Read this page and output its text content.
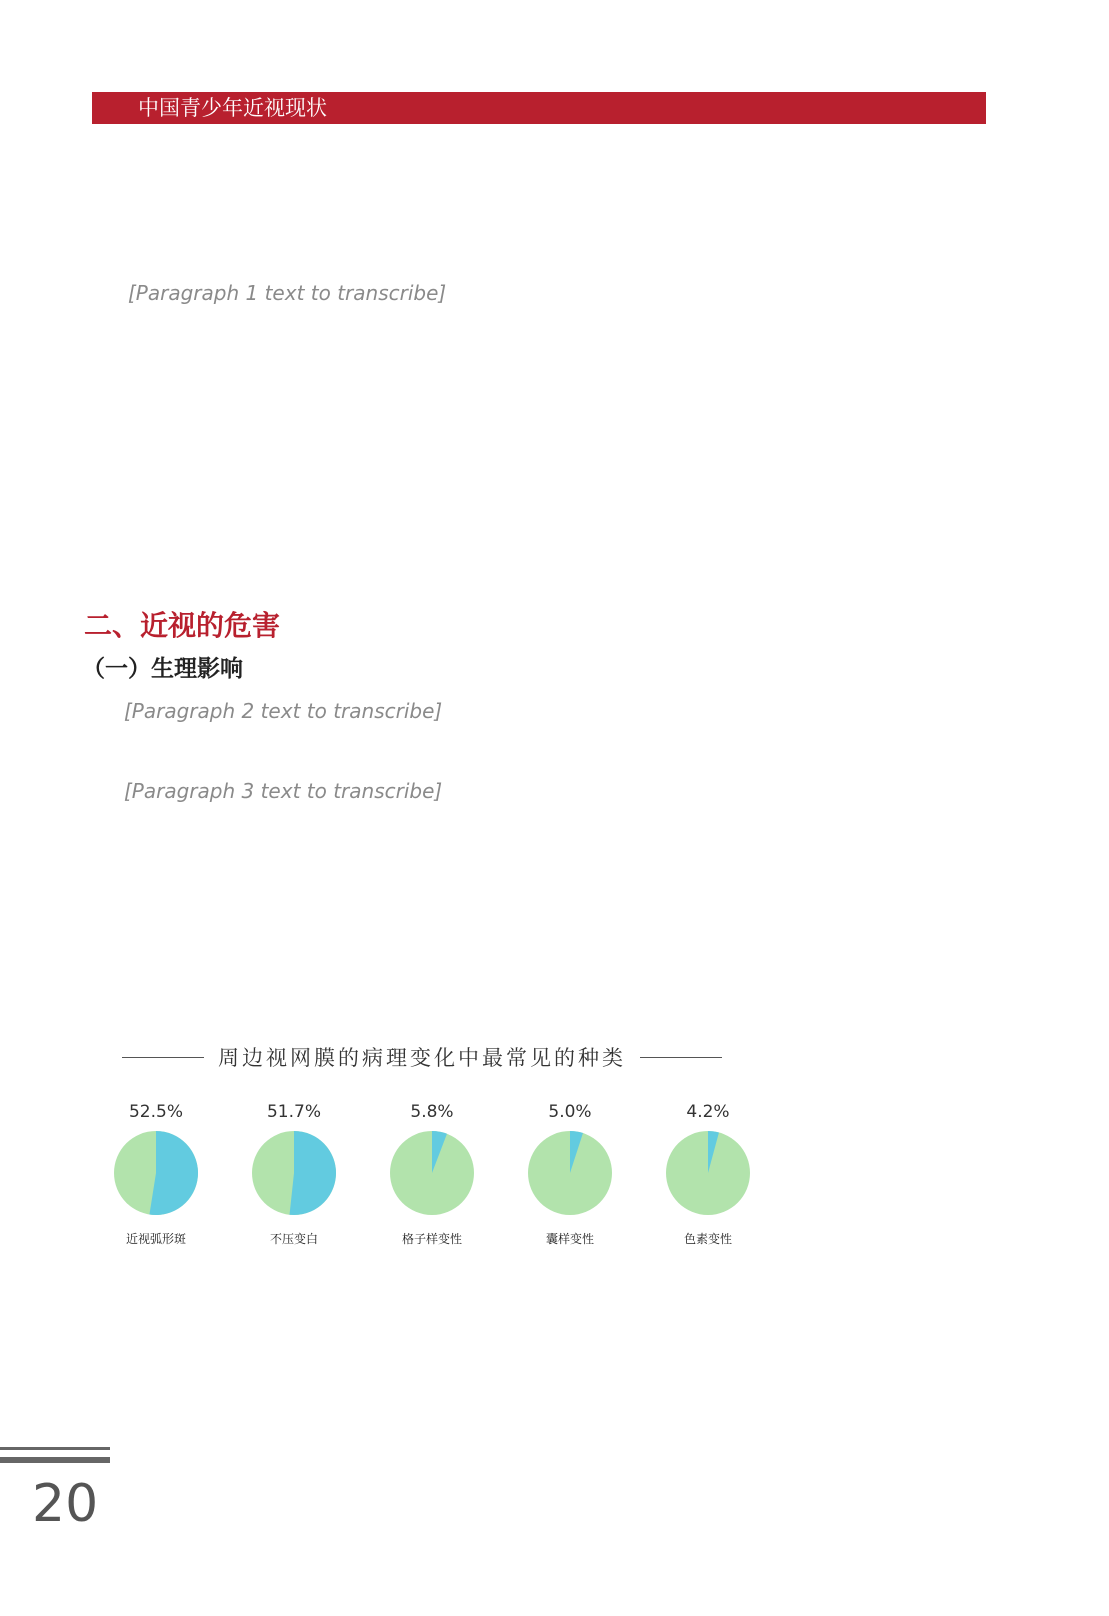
中国青少年近视现状

[Paragraph 1 text to transcribe]

二、近视的危害
（一）生理影响

[Paragraph 2 text to transcribe]

[Paragraph 3 text to transcribe]

周边视网膜的病理变化中最常见的种类
52.5%
近视弧形斑
51.7%
不压变白
5.8%
格子样变性
5.0%
囊样变性
4.2%
色素变性
20
